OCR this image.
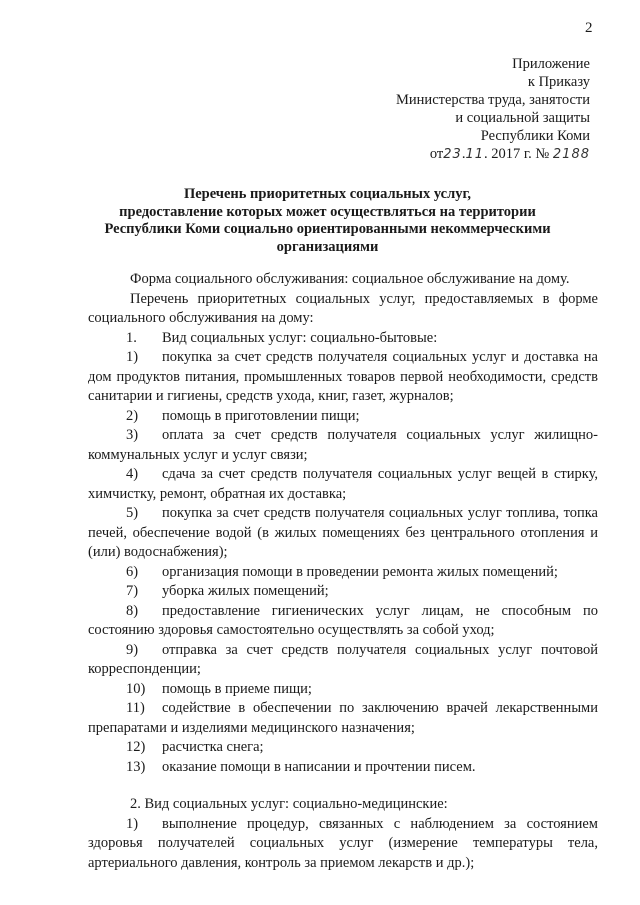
2
Приложение
к Приказу
Министерства труда, занятости
и социальной защиты
Республики Коми
от23.11. 2017 г. № 2188
Перечень приоритетных социальных услуг,
предоставление которых может осуществляться на территории
Республики Коми социально ориентированными некоммерческими
организациями

Форма социального обслуживания: социальное обслуживание на дому.

Перечень приоритетных социальных услуг, предоставляемых в форме социального обслуживания на дому:

1. Вид социальных услуг: социально-бытовые:

1) покупка за счет средств получателя социальных услуг и доставка на дом продуктов питания, промышленных товаров первой необходимости, средств санитарии и гигиены, средств ухода, книг, газет, журналов;

2) помощь в приготовлении пищи;

3) оплата за счет средств получателя социальных услуг жилищно-коммунальных услуг и услуг связи;

4) сдача за счет средств получателя социальных услуг вещей в стирку, химчистку, ремонт, обратная их доставка;

5) покупка за счет средств получателя социальных услуг топлива, топка печей, обеспечение водой (в жилых помещениях без центрального отопления и (или) водоснабжения);

6) организация помощи в проведении ремонта жилых помещений;

7) уборка жилых помещений;

8) предоставление гигиенических услуг лицам, не способным по состоянию здоровья самостоятельно осуществлять за собой уход;

9) отправка за счет средств получателя социальных услуг почтовой корреспонденции;

10) помощь в приеме пищи;

11) содействие в обеспечении по заключению врачей лекарственными препаратами и изделиями медицинского назначения;

12) расчистка снега;

13) оказание помощи в написании и прочтении писем.

2. Вид социальных услуг: социально-медицинские:

1) выполнение процедур, связанных с наблюдением за состоянием здоровья получателей социальных услуг (измерение температуры тела, артериального давления, контроль за приемом лекарств и др.);
